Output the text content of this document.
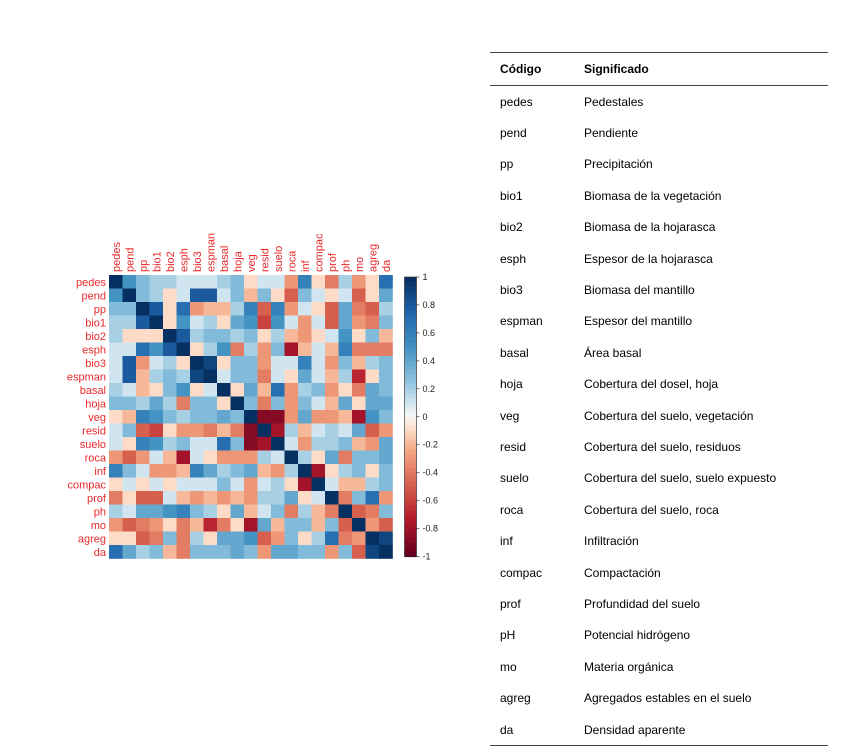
pedes pend pp bio1 bio2 esph bio3 espman basal hoja veg resid suelo roca inf compac prof ph mo agreg da
pedes
pend
pp
bio1
bio2
esph
bio3
espman
basal
hoja
veg
resid
suelo
roca
inf
compac
prof
ph
mo
agreg
da
1
0.8
0.6
0.4
0.2
0
-0.2
-0.4
-0.6
-0.8
-1
Código	Significado
pedes	Pedestales
pend	Pendiente
pp	Precipitación
bio1	Biomasa de la vegetación
bio2	Biomasa de la hojarasca
esph	Espesor de la hojarasca
bio3	Biomasa del mantillo
espman	Espesor del mantillo
basal	Área basal
hoja	Cobertura del dosel, hoja
veg	Cobertura del suelo, vegetación
resid	Cobertura del suelo, residuos
suelo	Cobertura del suelo, suelo expuesto
roca	Cobertura del suelo, roca
inf	Infiltración
compac	Compactación
prof	Profundidad del suelo
pH	Potencial hidrógeno
mo	Materia orgánica
agreg	Agregados estables en el suelo
da	Densidad aparente
